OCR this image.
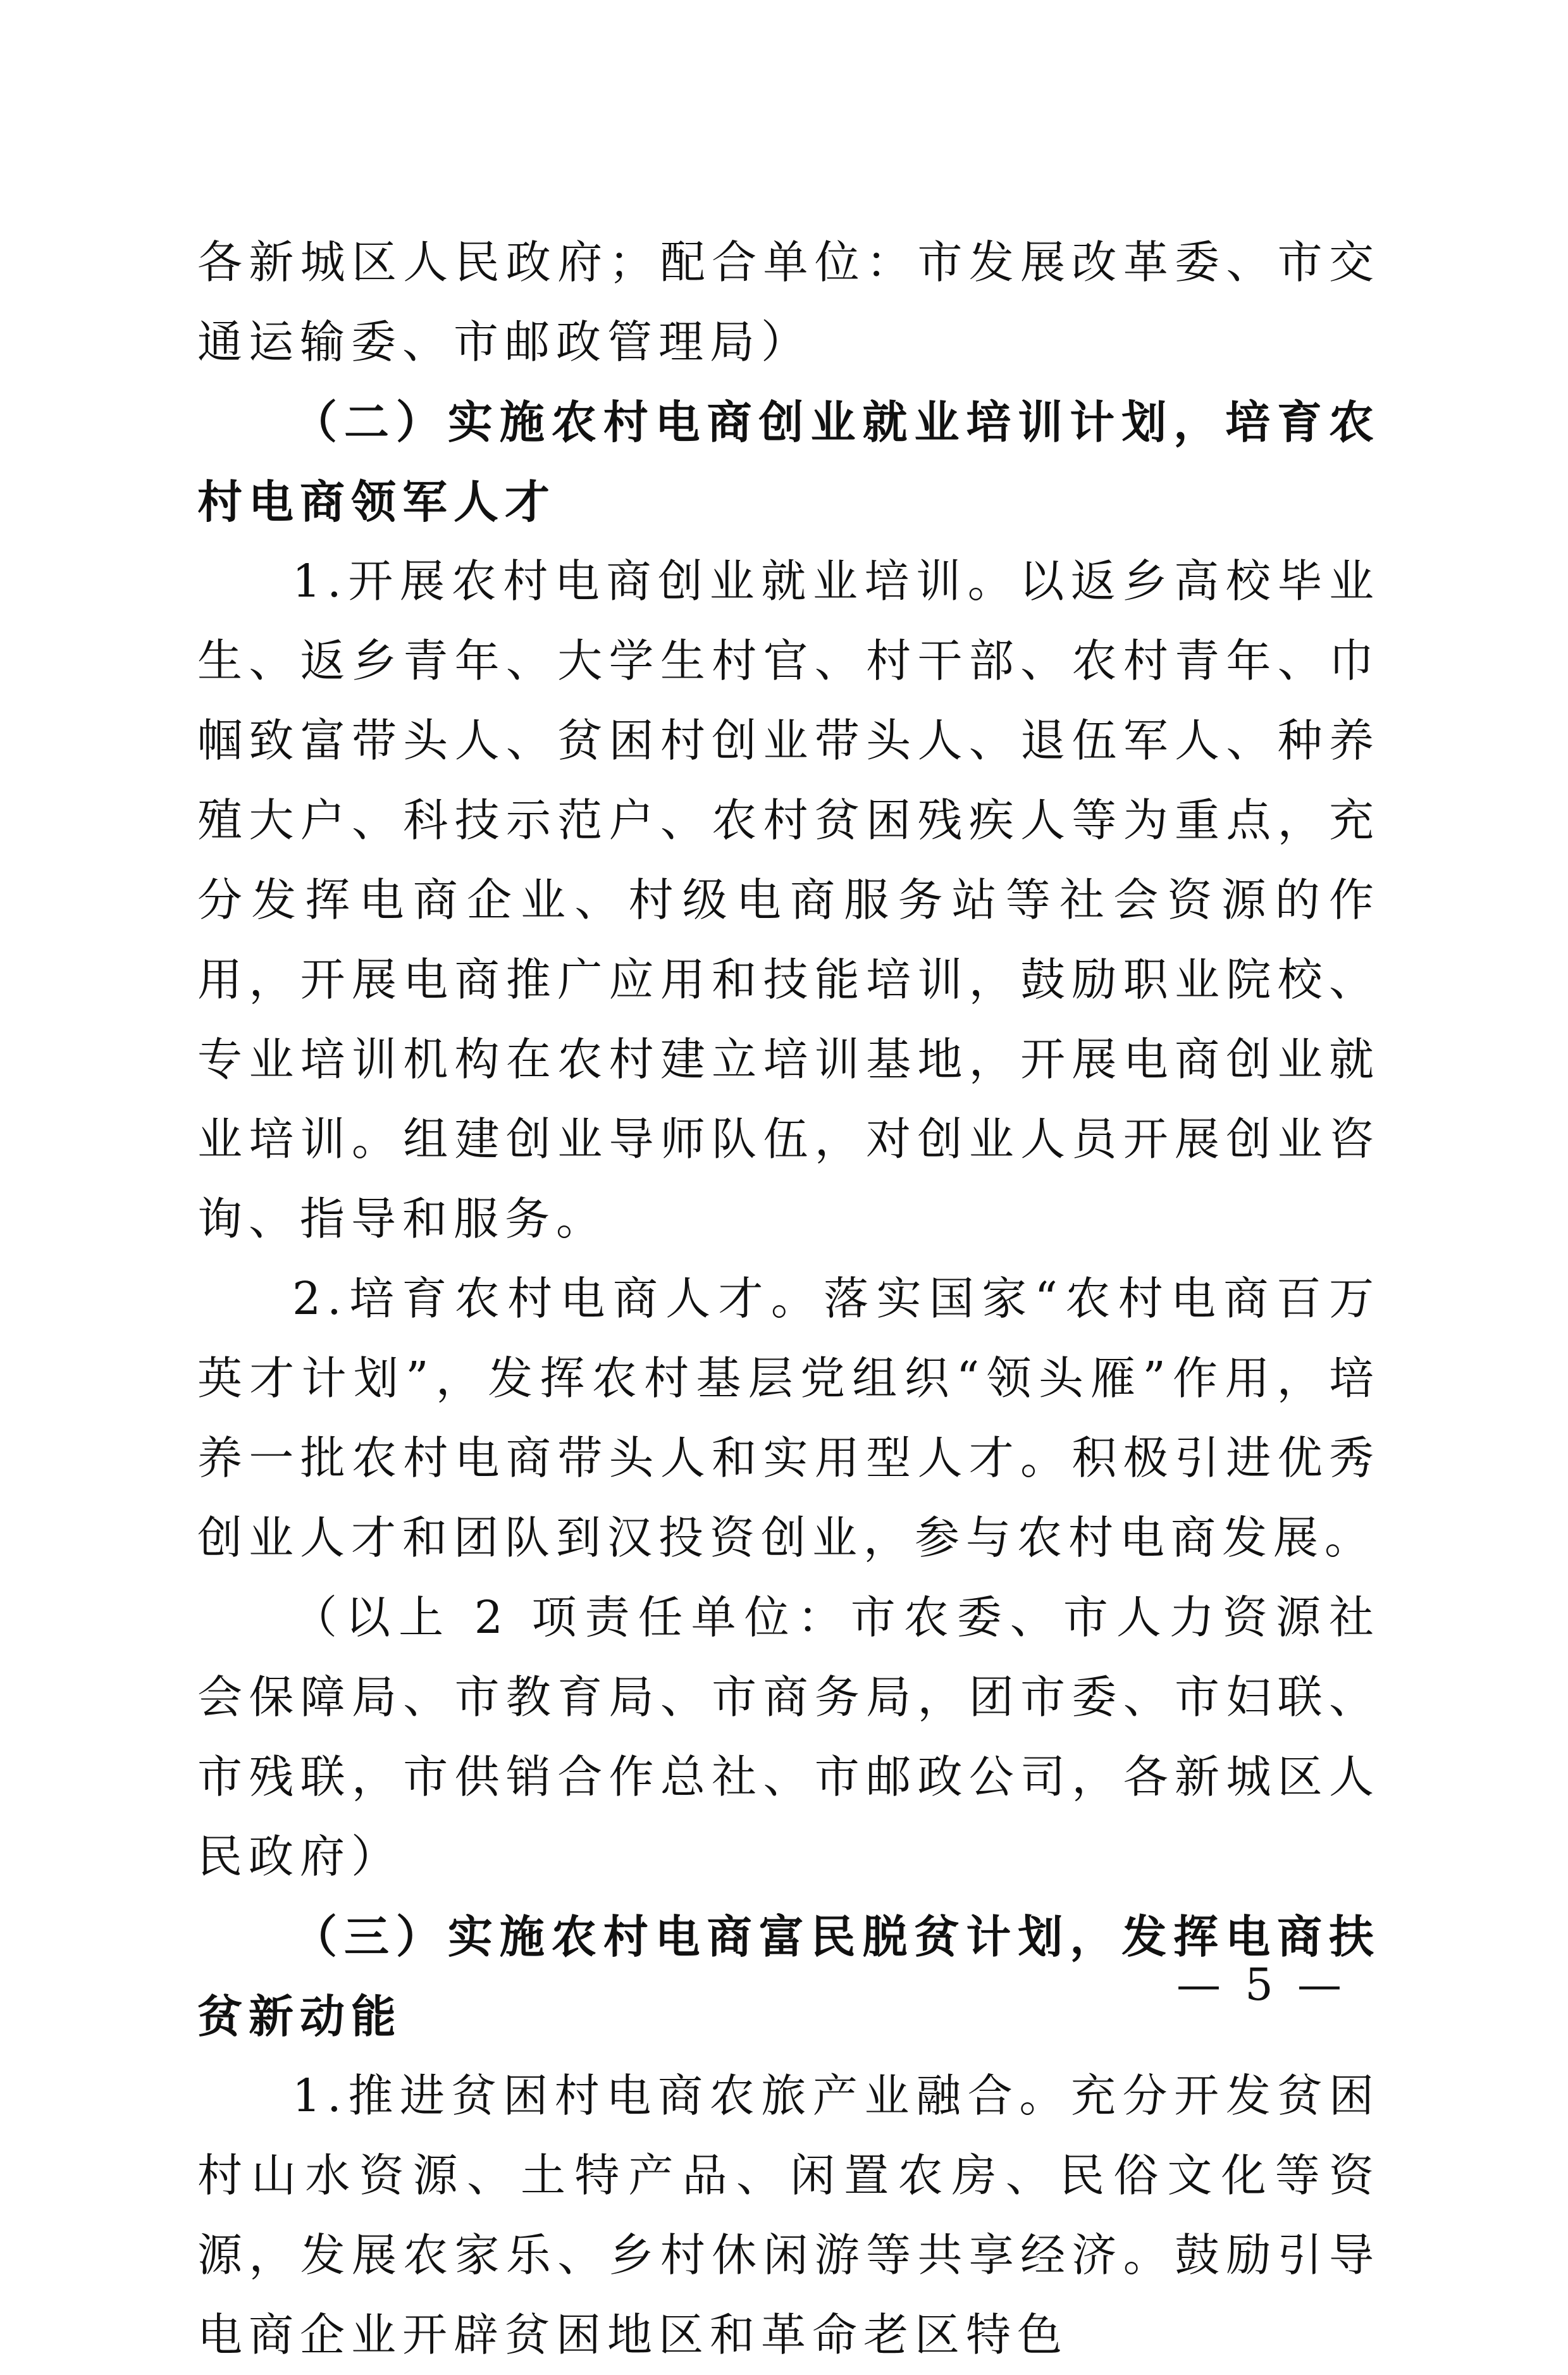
各新城区人民政府；配合单位：市发展改革委、市交通运输委、市邮政管理局）

（二）实施农村电商创业就业培训计划，培育农村电商领军人才

1.开展农村电商创业就业培训。以返乡高校毕业生、返乡青年、大学生村官、村干部、农村青年、巾帼致富带头人、贫困村创业带头人、退伍军人、种养殖大户、科技示范户、农村贫困残疾人等为重点，充分发挥电商企业、村级电商服务站等社会资源的作用，开展电商推广应用和技能培训，鼓励职业院校、专业培训机构在农村建立培训基地，开展电商创业就业培训。组建创业导师队伍，对创业人员开展创业咨询、指导和服务。

2.培育农村电商人才。落实国家“农村电商百万英才计划”，发挥农村基层党组织“领头雁”作用，培养一批农村电商带头人和实用型人才。积极引进优秀创业人才和团队到汉投资创业，参与农村电商发展。

（以上 2 项责任单位：市农委、市人力资源社会保障局、市教育局、市商务局，团市委、市妇联、市残联，市供销合作总社、市邮政公司，各新城区人民政府）

（三）实施农村电商富民脱贫计划，发挥电商扶贫新动能

1.推进贫困村电商农旅产业融合。充分开发贫困村山水资源、土特产品、闲置农房、民俗文化等资源，发展农家乐、乡村休闲游等共享经济。鼓励引导电商企业开辟贫困地区和革命老区特色

— 5 —
